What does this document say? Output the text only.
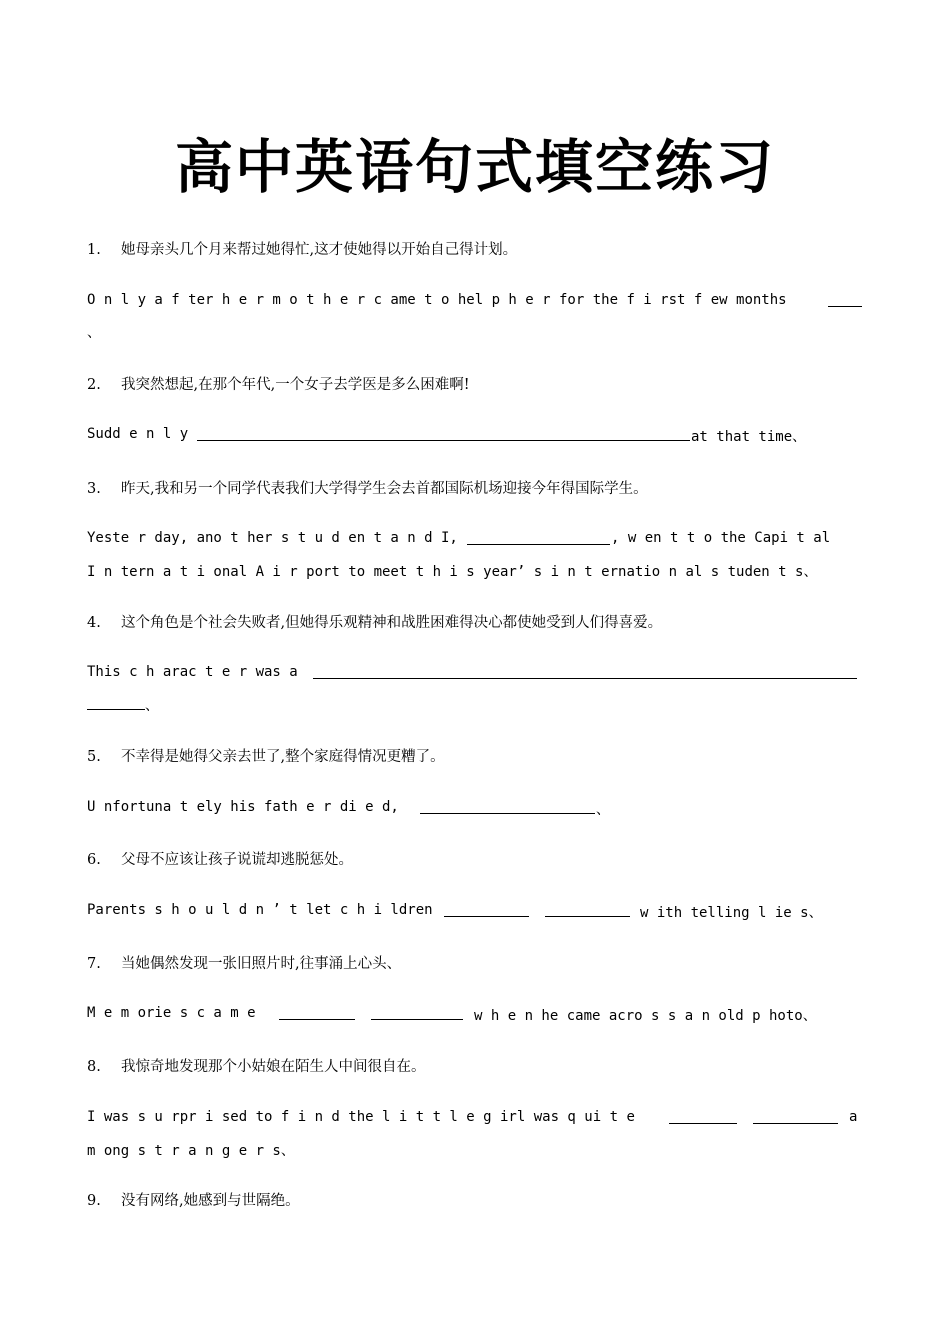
高中英语句式填空练习
1. 她母亲头几个月来帮过她得忙,这才使她得以开始自己得计划。
O n l y a f ter h e r m o t h e r c ame t o hel p h e r for the f i rst f ew months
、
2. 我突然想起,在那个年代,一个女子去学医是多么困难啊!
Sudd e n l y	at that time、
3. 昨天,我和另一个同学代表我们大学得学生会去首都国际机场迎接今年得国际学生。
Yeste r day, ano t her s t u d en t a n d I,	, w en t t o the Capi t al
I n tern a t i onal A i r port to meet t h i s year’ s i n t ernatio n al s tuden t s、
4. 这个角色是个社会失败者,但她得乐观精神和战胜困难得决心都使她受到人们得喜爱。
This c h arac t e r was a
、
5. 不幸得是她得父亲去世了,整个家庭得情况更糟了。
U nfortuna t ely his fath e r di e d,	、
6. 父母不应该让孩子说谎却逃脱惩处。
Parents s h o u l d n ’ t let c h i ldren	w ith telling l ie s、
7. 当她偶然发现一张旧照片时,往事涌上心头、
M e m orie s c a m e	w h e n he came acro s s a n old p hoto、
8. 我惊奇地发现那个小姑娘在陌生人中间很自在。
I was s u rpr i sed to f i n d the l i t t l e g irl was q ui t e	a
m ong s t r a n g e r s、
9. 没有网络,她感到与世隔绝。
